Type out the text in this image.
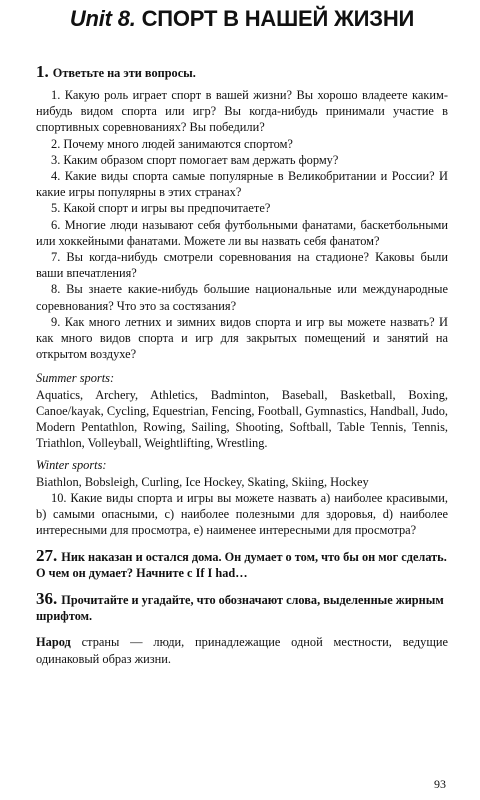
Unit 8. СПОРТ В НАШЕЙ ЖИЗНИ

1. Ответьте на эти вопросы.

1. Какую роль играет спорт в вашей жизни? Вы хорошо владеете каким-нибудь видом спорта или игр? Вы когда-нибудь принимали участие в спортивных соревнованиях? Вы победили?

2. Почему много людей занимаются спортом?

3. Каким образом спорт помогает вам держать форму?

4. Какие виды спорта самые популярные в Великобритании и России? И какие игры популярны в этих странах?

5. Какой спорт и игры вы предпочитаете?

6. Многие люди называют себя футбольными фанатами, баскетбольными или хоккейными фанатами. Можете ли вы назвать себя фанатом?

7. Вы когда-нибудь смотрели соревнования на стадионе? Каковы были ваши впечатления?

8. Вы знаете какие-нибудь большие национальные или международные соревнования? Что это за состязания?

9. Как много летних и зимних видов спорта и игр вы можете назвать? И как много видов спорта и игр для закрытых помещений и занятий на открытом воздухе?

Summer sports:

Aquatics, Archery, Athletics, Badminton, Baseball, Basketball, Boxing, Canoe/kayak, Cycling, Equestrian, Fencing, Football, Gymnastics, Handball, Judo, Modern Pentathlon, Rowing, Sailing, Shooting, Softball, Table Tennis, Tennis, Triathlon, Volleyball, Weightlifting, Wrestling.

Winter sports:

Biathlon, Bobsleigh, Curling, Ice Hockey, Skating, Skiing, Hockey

10. Какие виды спорта и игры вы можете назвать a) наиболее красивыми, b) самыми опасными, c) наиболее полезными для здоровья, d) наиболее интересными для просмотра, e) наименее интересными для просмотра?

27. Ник наказан и остался дома. Он думает о том, что бы он мог сделать. О чем он думает? Начните с If I had…

36. Прочитайте и угадайте, что обозначают слова, выделенные жирным шрифтом.

Народ страны — люди, принадлежащие одной местности, ведущие одинаковый образ жизни.

93
